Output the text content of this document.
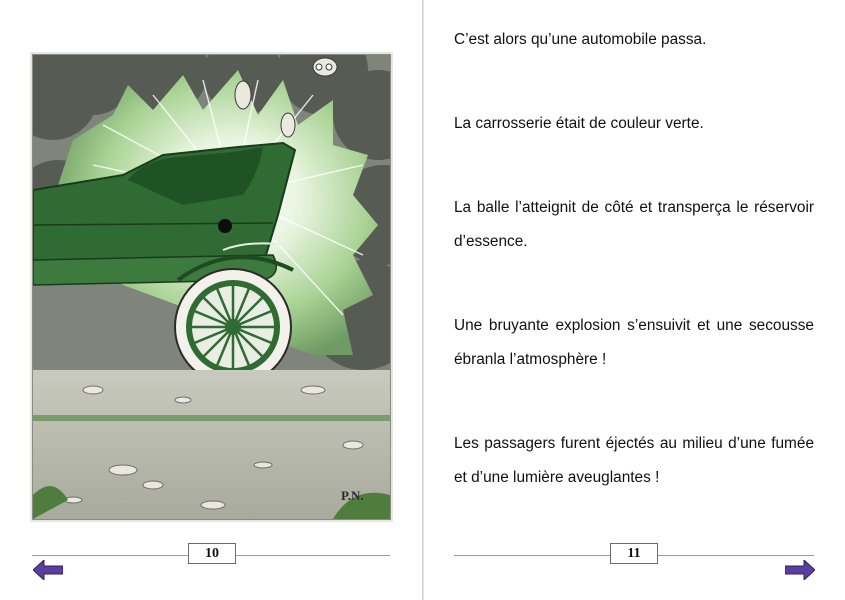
P.N.
10

C’est alors qu’une automobile passa.

La carrosserie était de couleur verte.

La balle l’atteignit de côté et transperça le réservoir d’essence.

Une bruyante explosion s’ensuivit et une secousse ébranla l’atmosphère !

Les passagers furent éjectés au milieu d’une fumée et d’une lumière aveuglantes !

11
